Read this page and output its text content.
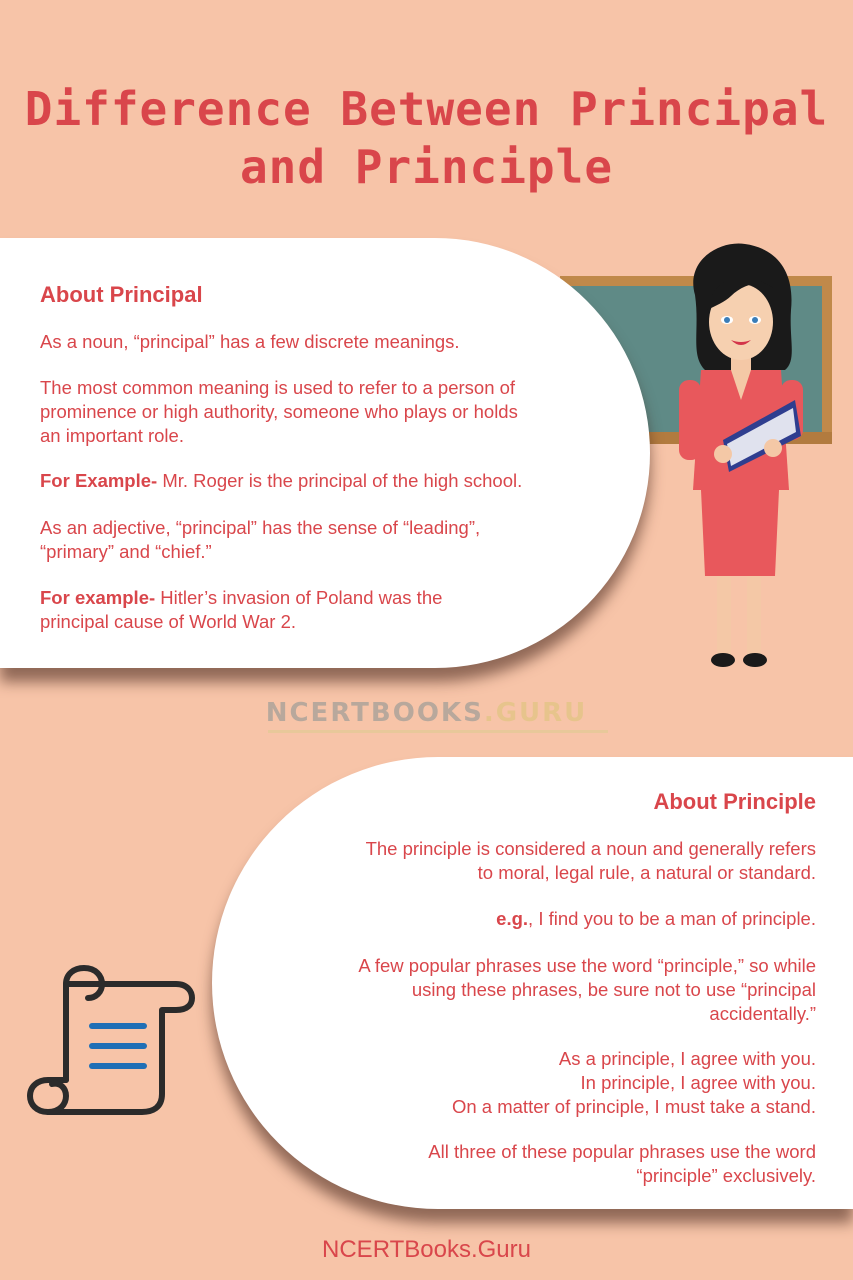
Difference Between Principal
and Principle
About Principal
As a noun, “principal” has a few discrete meanings.
The most common meaning is used to refer to a person of
prominence or high authority, someone who plays or holds
an important role.
For Example- Mr. Roger is the principal of the high school.
As an adjective, “principal” has the sense of “leading”,
“primary” and “chief.”
For example- Hitler’s invasion of Poland was the
principal cause of World War 2.
NCERTBOOKS.GURU
About Principle
The principle is considered a noun and generally refers
to moral, legal rule, a natural or standard.
e.g., I find you to be a man of principle.
A few popular phrases use the word “principle,” so while
using these phrases, be sure not to use “principal
accidentally.”
As a principle, I agree with you.
In principle, I agree with you.
On a matter of principle, I must take a stand.
All three of these popular phrases use the word
“principle” exclusively.
NCERTBooks.Guru
